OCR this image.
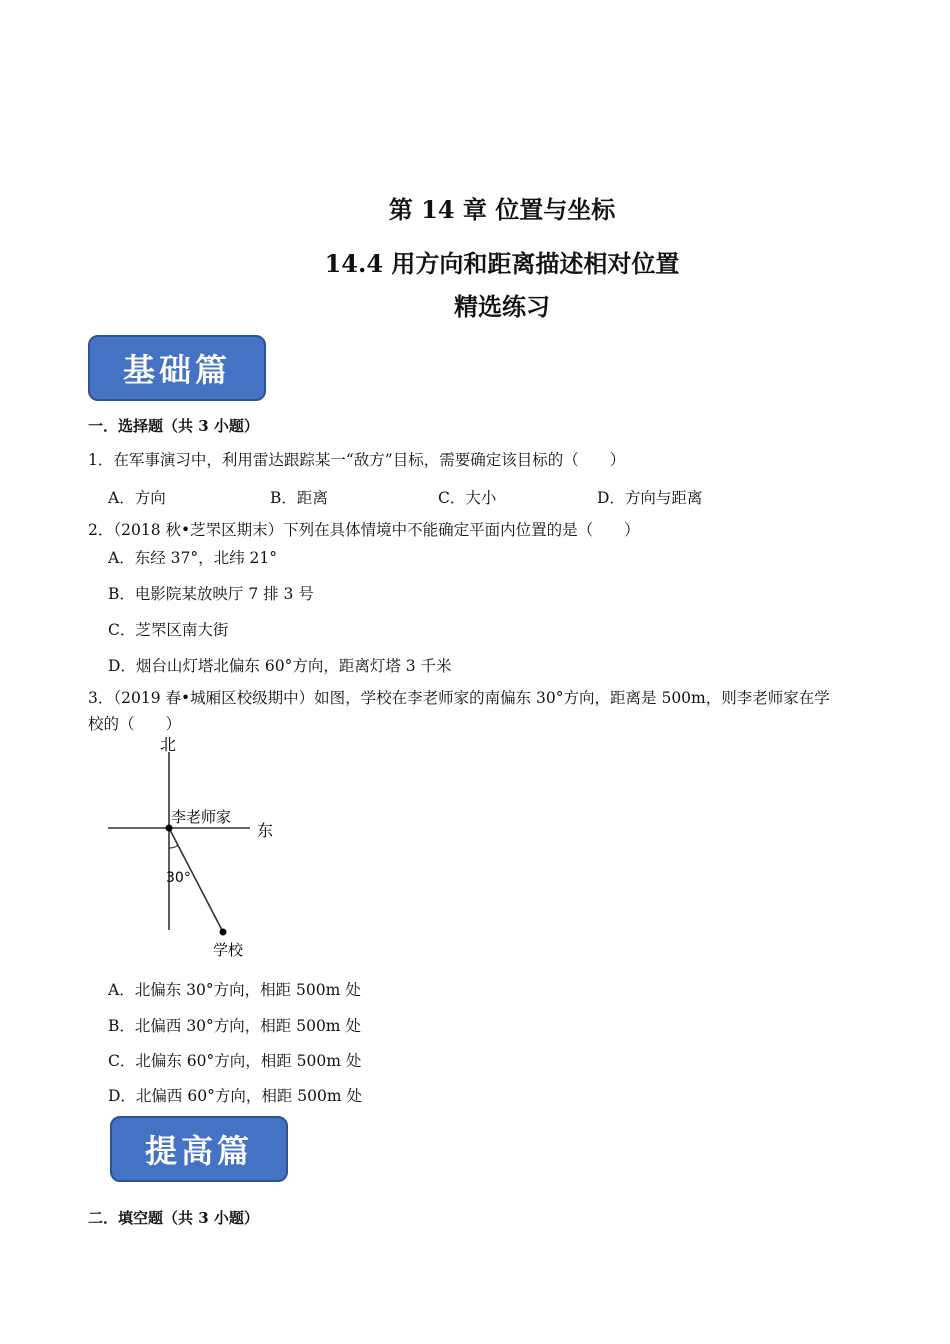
第 14 章 位置与坐标
14.4 用方向和距离描述相对位置
精选练习
基础篇
一．选择题（共 3 小题）
1．在军事演习中，利用雷达跟踪某一“敌方”目标，需要确定该目标的（　　）
A．方向	B．距离	C．大小	D．方向与距离
2．（2018 秋•芝罘区期末）下列在具体情境中不能确定平面内位置的是（　　）
A．东经 37°，北纬 21°
B．电影院某放映厅 7 排 3 号
C．芝罘区南大街
D．烟台山灯塔北偏东 60°方向，距离灯塔 3 千米
3．（2019 春•城厢区校级期中）如图，学校在李老师家的南偏东 30°方向，距离是 500m，则李老师家在学
校的（　　）
北
东
李老师家
学校
30°
A．北偏东 30°方向，相距 500m 处
B．北偏西 30°方向，相距 500m 处
C．北偏东 60°方向，相距 500m 处
D．北偏西 60°方向，相距 500m 处
提高篇
二．填空题（共 3 小题）
